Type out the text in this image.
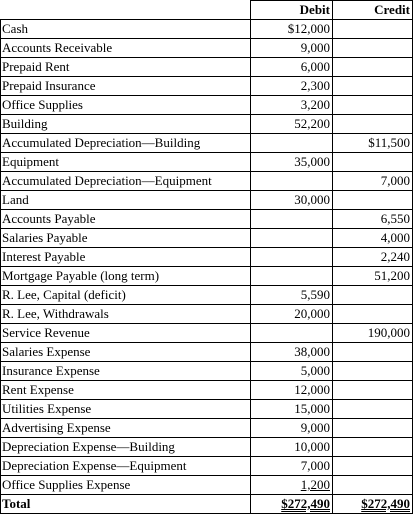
	Debit	Credit
Cash	$12,000	
Accounts Receivable	9,000	
Prepaid Rent	6,000	
Prepaid Insurance	2,300	
Office Supplies	3,200	
Building	52,200	
Accumulated Depreciation—Building		$11,500
Equipment	35,000	
Accumulated Depreciation—Equipment		7,000
Land	30,000	
Accounts Payable		6,550
Salaries Payable		4,000
Interest Payable		2,240
Mortgage Payable (long term)		51,200
R. Lee, Capital (deficit)	5,590	
R. Lee, Withdrawals	20,000	
Service Revenue		190,000
Salaries Expense	38,000	
Insurance Expense	5,000	
Rent Expense	12,000	
Utilities Expense	15,000	
Advertising Expense	9,000	
Depreciation Expense—Building	10,000	
Depreciation Expense—Equipment	7,000	
Office Supplies Expense	1,200	
Total	$272,490	$272,490
